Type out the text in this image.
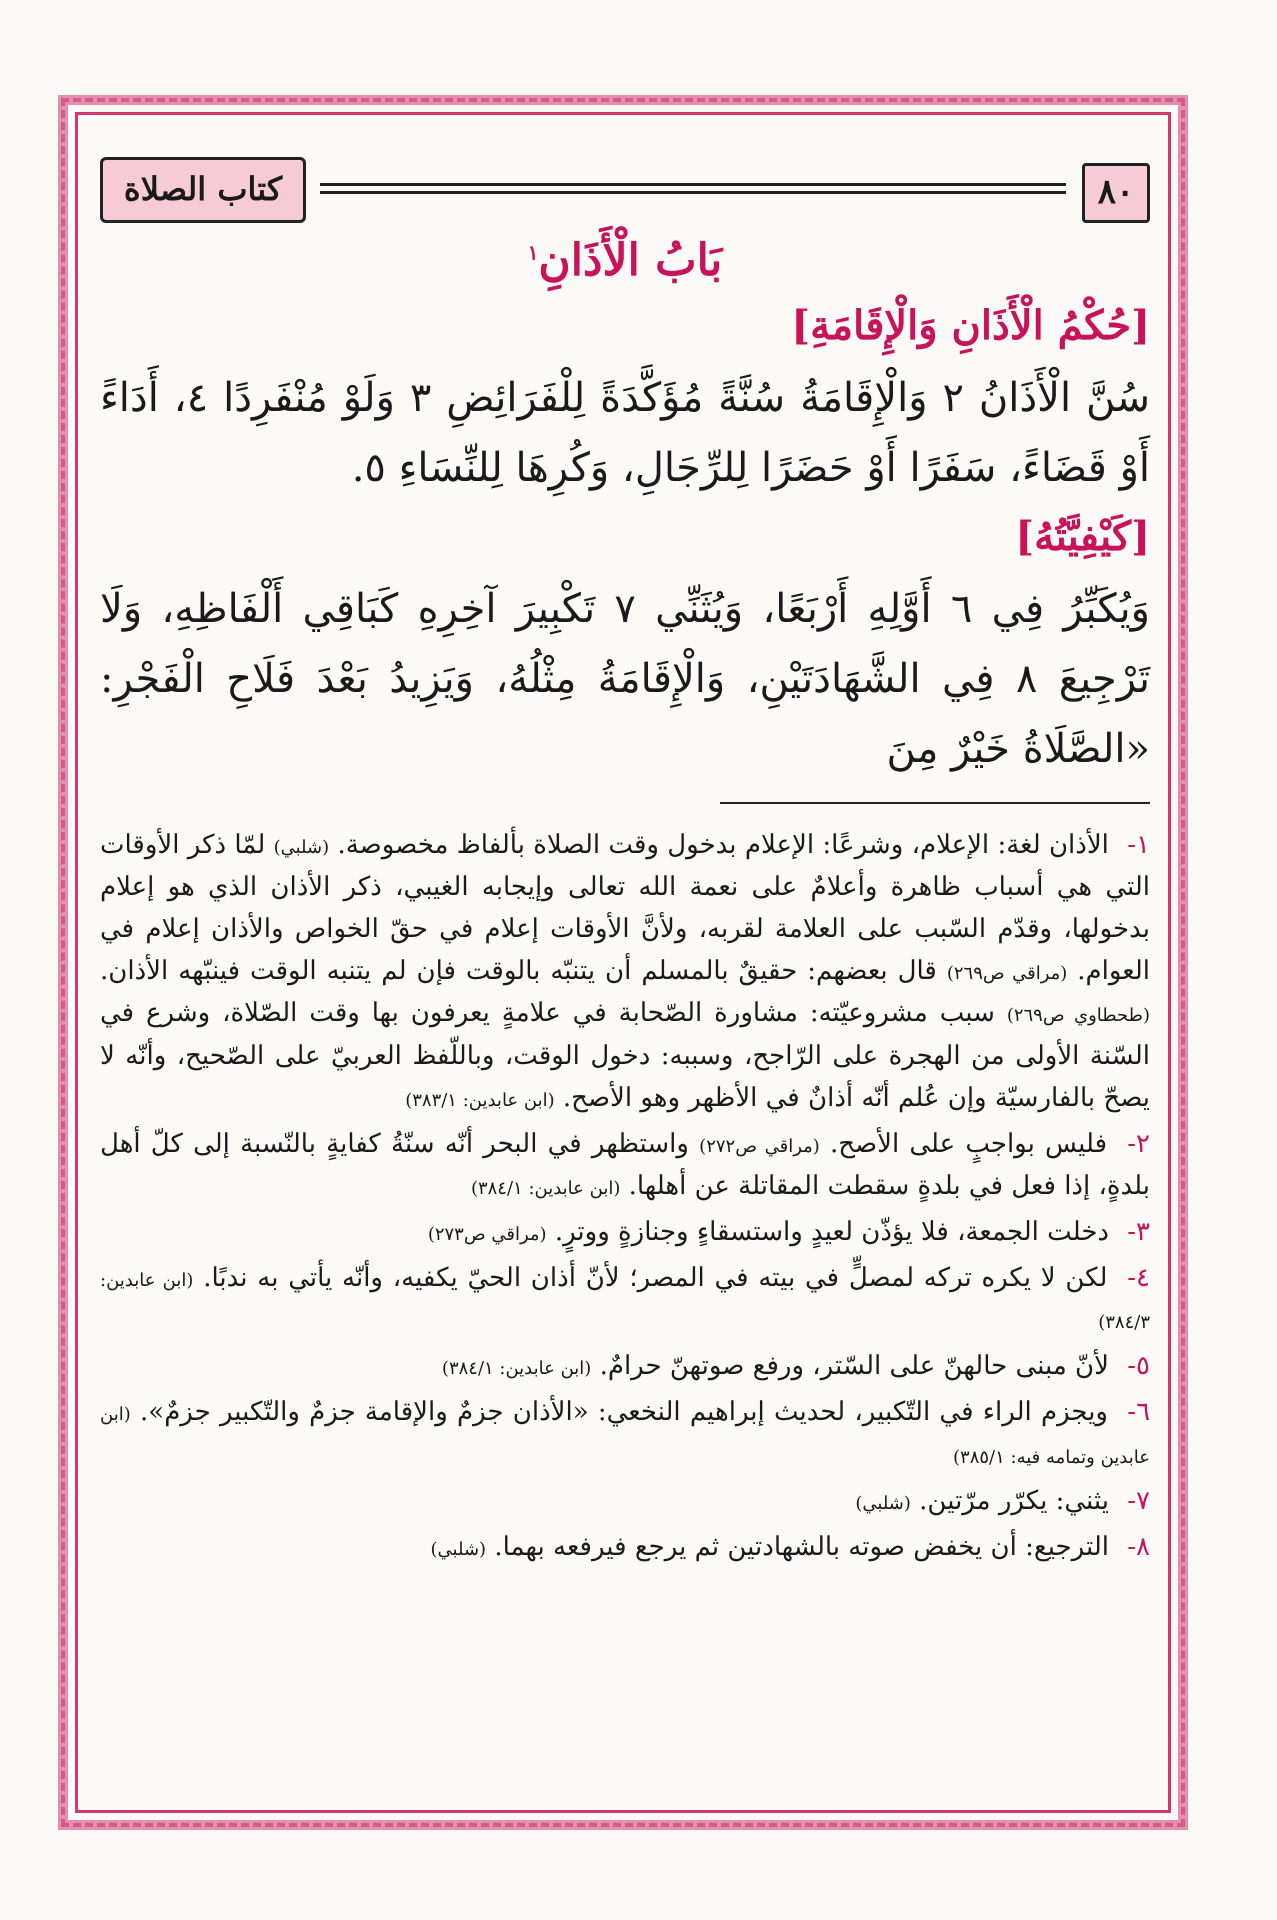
كتاب الصلاة	٨٠
بَابُ الْأَذَانِ$^١$
[حُكْمُ الْأَذَانِ وَالْإِقَامَةِ]

سُنَّ الْأَذَانُ ٢ وَالْإِقَامَةُ سُنَّةً مُؤَكَّدَةً لِلْفَرَائِضِ ٣ وَلَوْ مُنْفَرِدًا ٤، أَدَاءً أَوْ قَضَاءً، سَفَرًا أَوْ حَضَرًا لِلرِّجَالِ، وَكُرِهَا لِلنِّسَاءِ ٥.

[كَيْفِيَّتُهُ]

وَيُكَبِّرُ فِي ٦ أَوَّلِهِ أَرْبَعًا، وَيُثَنِّي ٧ تَكْبِيرَ آخِرِهِ كَبَاقِي أَلْفَاظِهِ، وَلَا تَرْجِيعَ ٨ فِي الشَّهَادَتَيْنِ، وَالْإِقَامَةُ مِثْلُهُ، وَيَزِيدُ بَعْدَ فَلَاحِ الْفَجْرِ: «الصَّلَاةُ خَيْرٌ مِنَ

١- الأذان لغة: الإعلام، وشرعًا: الإعلام بدخول وقت الصلاة بألفاظ مخصوصة. (شلبي) لمّا ذكر الأوقات التي هي أسباب ظاهرة وأعلامٌ على نعمة الله تعالى وإيجابه الغيبي، ذكر الأذان الذي هو إعلام بدخولها، وقدّم السّبب على العلامة لقربه، ولأنَّ الأوقات إعلام في حقّ الخواص والأذان إعلام في العوام. (مراقي ص٢٦٩) قال بعضهم: حقيقٌ بالمسلم أن يتنبّه بالوقت فإن لم يتنبه الوقت فينبّهه الأذان. (طحطاوي ص٢٦٩) سبب مشروعيّته: مشاورة الصّحابة في علامةٍ يعرفون بها وقت الصّلاة، وشرع في السّنة الأولى من الهجرة على الرّاجح، وسببه: دخول الوقت، وباللّفظ العربيّ على الصّحيح، وأنّه لا يصحّ بالفارسيّة وإن عُلم أنّه أذانٌ في الأظهر وهو الأصح. (ابن عابدين: ٣٨٣/١)

٢- فليس بواجبٍ على الأصح. (مراقي ص٢٧٢) واستظهر في البحر أنّه سنّةُ كفايةٍ بالنّسبة إلى كلّ أهل بلدةٍ، إذا فعل في بلدةٍ سقطت المقاتلة عن أهلها. (ابن عابدين: ٣٨٤/١)

٣- دخلت الجمعة، فلا يؤذّن لعيدٍ واستسقاءٍ وجنازةٍ ووترٍ. (مراقي ص٢٧٣)

٤- لكن لا يكره تركه لمصلٍّ في بيته في المصر؛ لأنّ أذان الحيّ يكفيه، وأنّه يأتي به ندبًا. (ابن عابدين: ٣٨٤/٣)

٥- لأنّ مبنى حالهنّ على السّتر، ورفع صوتهنّ حرامٌ. (ابن عابدين: ٣٨٤/١)

٦- ويجزم الراء في التّكبير، لحديث إبراهيم النخعي: «الأذان جزمٌ والإقامة جزمٌ والتّكبير جزمٌ». (ابن عابدين وتمامه فيه: ٣٨٥/١)

٧- يثني: يكرّر مرّتين. (شلبي)

٨- الترجيع: أن يخفض صوته بالشهادتين ثم يرجع فيرفعه بهما. (شلبي)
